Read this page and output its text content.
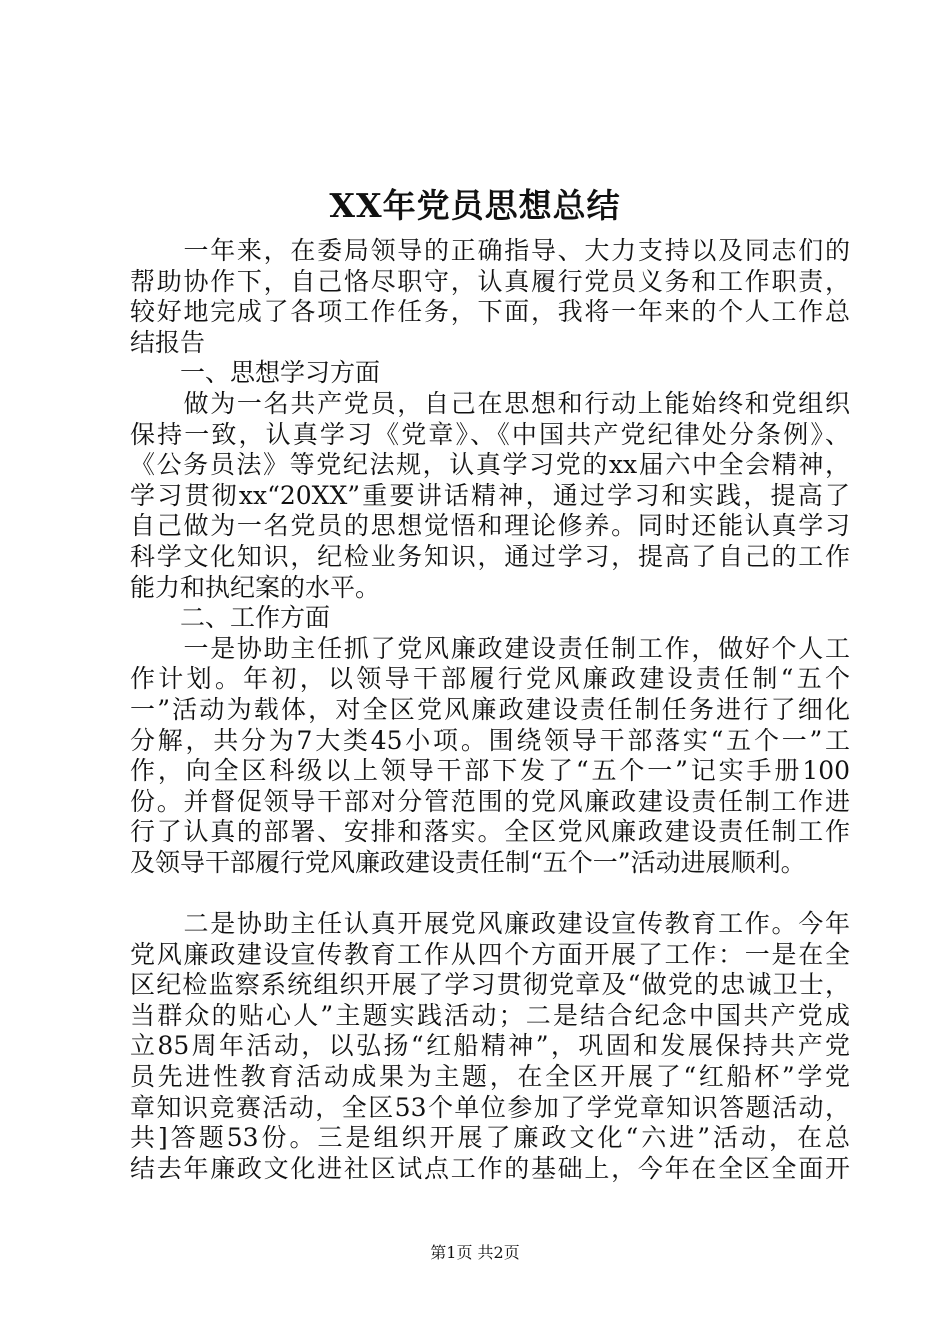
XX年党员思想总结
　　一年来，在委局领导的正确指导、大力支持以及同志们的
帮助协作下，自己恪尽职守，认真履行党员义务和工作职责，
较好地完成了各项工作任务，下面，我将一年来的个人工作总
结报告
一、思想学习方面
　　做为一名共产党员，自己在思想和行动上能始终和党组织
保持一致，认真学习《党章》、《中国共产党纪律处分条例》、
《公务员法》等党纪法规，认真学习党的xx届六中全会精神，
学习贯彻xx“20XX”重要讲话精神，通过学习和实践，提高了
自己做为一名党员的思想觉悟和理论修养。同时还能认真学习
科学文化知识，纪检业务知识，通过学习，提高了自己的工作
能力和执纪案的水平。
二、工作方面
　　一是协助主任抓了党风廉政建设责任制工作，做好个人工
作计划。年初，以领导干部履行党风廉政建设责任制“五个
一”活动为载体，对全区党风廉政建设责任制任务进行了细化
分解，共分为7大类45小项。围绕领导干部落实“五个一”工
作，向全区科级以上领导干部下发了“五个一”记实手册100
份。并督促领导干部对分管范围的党风廉政建设责任制工作进
行了认真的部署、安排和落实。全区党风廉政建设责任制工作
及领导干部履行党风廉政建设责任制“五个一”活动进展顺利。
　　二是协助主任认真开展党风廉政建设宣传教育工作。今年
党风廉政建设宣传教育工作从四个方面开展了工作：一是在全
区纪检监察系统组织开展了学习贯彻党章及“做党的忠诚卫士，
当群众的贴心人”主题实践活动；二是结合纪念中国共产党成
立85周年活动，以弘扬“红船精神”，巩固和发展保持共产党
员先进性教育活动成果为主题，在全区开展了“红船杯”学党
章知识竞赛活动，全区53个单位参加了学党章知识答题活动，
共]答题53份。三是组织开展了廉政文化“六进”活动，在总
结去年廉政文化进社区试点工作的基础上，今年在全区全面开
第1页 共2页
